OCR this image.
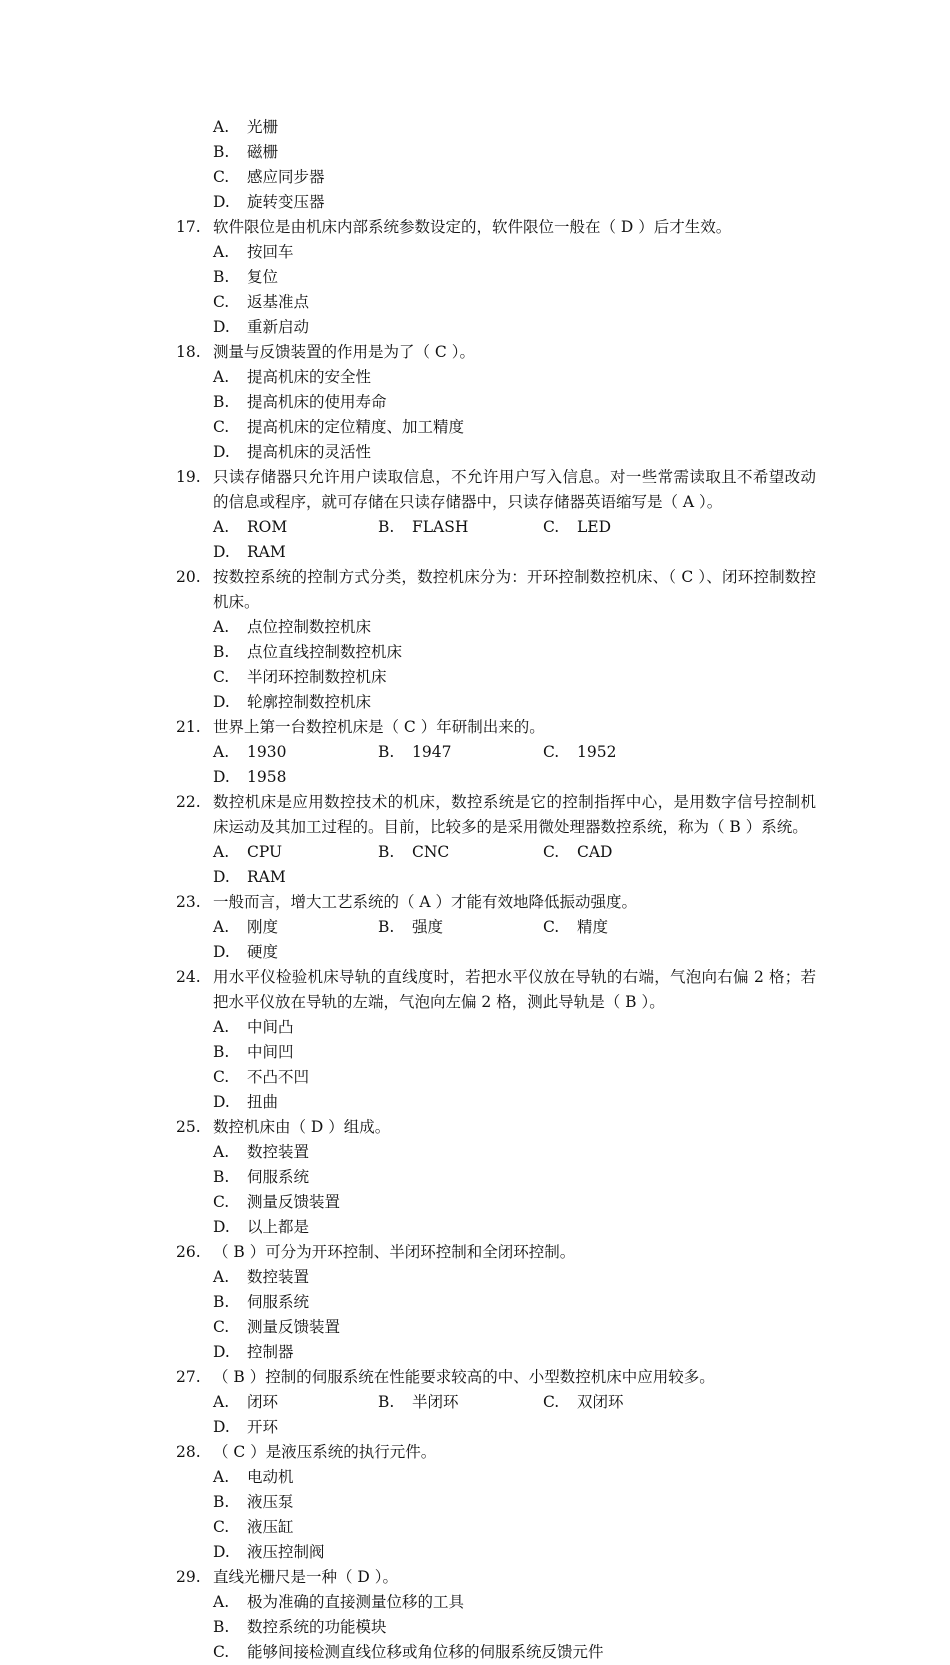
A.	光栅
B.	磁栅
C.	感应同步器
D.	旋转变压器
17. 软件限位是由机床内部系统参数设定的，软件限位一般在（ D ）后才生效。
A.	按回车
B.	复位
C.	返基准点
D.	重新启动
18. 测量与反馈装置的作用是为了（ C ）。
A.	提高机床的安全性
B.	提高机床的使用寿命
C.	提高机床的定位精度、加工精度
D.	提高机床的灵活性
19. 只读存储器只允许用户读取信息，不允许用户写入信息。对一些常需读取且不希望改动的信息或程序，就可存储在只读存储器中，只读存储器英语缩写是（ A ）。
A.	ROM	B.	FLASH	C.	LED
D.	RAM
20. 按数控系统的控制方式分类，数控机床分为：开环控制数控机床、（ C ）、闭环控制数控机床。
A.	点位控制数控机床
B.	点位直线控制数控机床
C.	半闭环控制数控机床
D.	轮廓控制数控机床
21. 世界上第一台数控机床是（ C ）年研制出来的。
A.	1930	B.	1947	C.	1952
D.	1958
22. 数控机床是应用数控技术的机床，数控系统是它的控制指挥中心，是用数字信号控制机床运动及其加工过程的。目前，比较多的是采用微处理器数控系统，称为（ B ）系统。
A.	CPU	B.	CNC	C.	CAD
D.	RAM
23. 一般而言，增大工艺系统的（ A ）才能有效地降低振动强度。
A.	刚度	B.	强度	C.	精度
D.	硬度
24. 用水平仪检验机床导轨的直线度时，若把水平仪放在导轨的右端，气泡向右偏 2 格；若把水平仪放在导轨的左端，气泡向左偏 2 格，测此导轨是（ B ）。
A.	中间凸
B.	中间凹
C.	不凸不凹
D.	扭曲
25. 数控机床由（ D ）组成。
A.	数控装置
B.	伺服系统
C.	测量反馈装置
D.	以上都是
26. （ B ）可分为开环控制、半闭环控制和全闭环控制。
A.	数控装置
B.	伺服系统
C.	测量反馈装置
D.	控制器
27. （ B ）控制的伺服系统在性能要求较高的中、小型数控机床中应用较多。
A.	闭环	B.	半闭环	C.	双闭环
D.	开环
28. （ C ）是液压系统的执行元件。
A.	电动机
B.	液压泵
C.	液压缸
D.	液压控制阀
29. 直线光栅尺是一种（ D ）。
A.	极为准确的直接测量位移的工具
B.	数控系统的功能模块
C.	能够间接检测直线位移或角位移的伺服系统反馈元件
